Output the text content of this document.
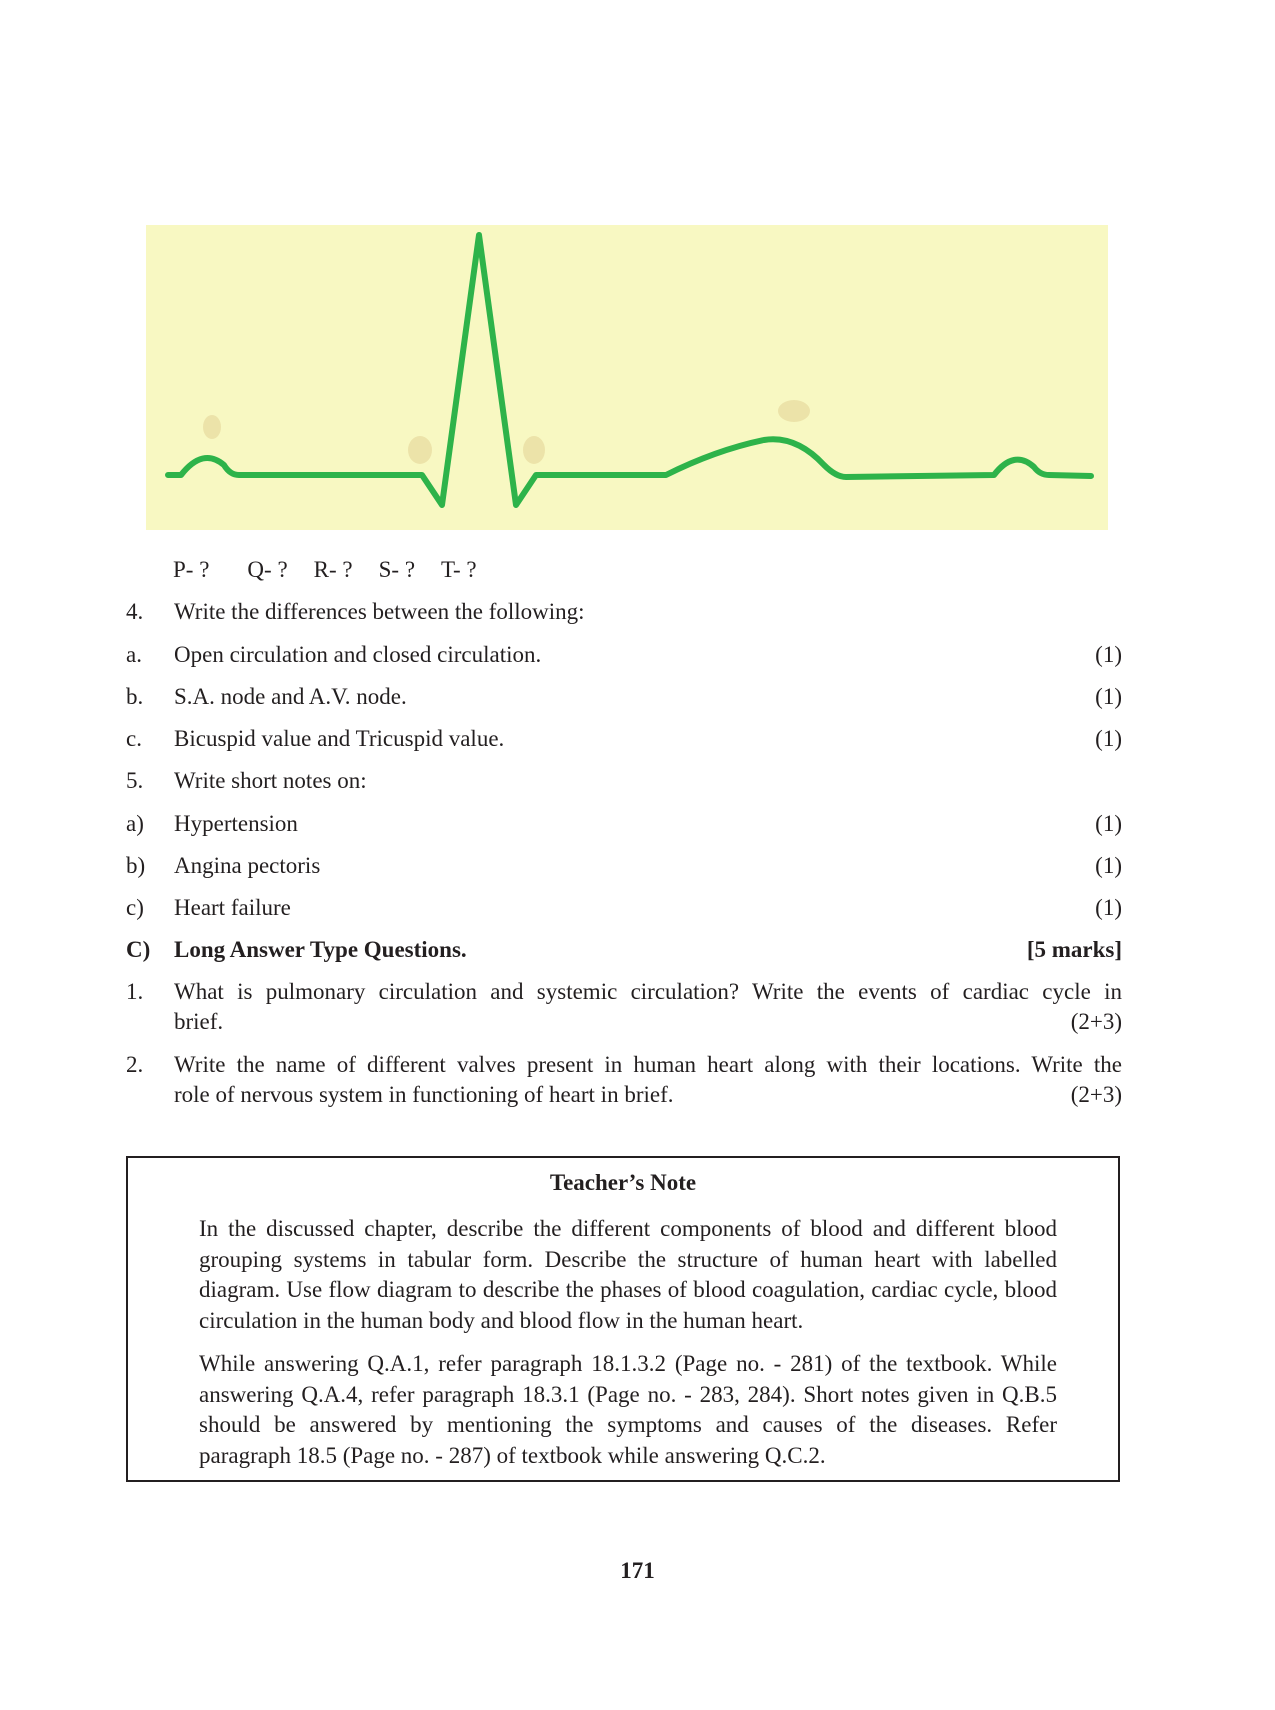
P- ? Q- ? R- ? S- ? T- ?
4. Write the differences between the following:
a. Open circulation and closed circulation.	(1)
b. S.A. node and A.V. node.	(1)
c. Bicuspid value and Tricuspid value.	(1)
5. Write short notes on:
a) Hypertension	(1)
b) Angina pectoris	(1)
c) Heart failure	(1)
C) Long Answer Type Questions.	[5 marks]
1. What is pulmonary circulation and systemic circulation? Write the events of cardiac cycle in
brief.	(2+3)
2. Write the name of different valves present in human heart along with their locations. Write the
role of nervous system in functioning of heart in brief.	(2+3)
Teacher’s Note

In the discussed chapter, describe the different components of blood and different blood grouping systems in tabular form. Describe the structure of human heart with labelled diagram. Use flow diagram to describe the phases of blood coagulation, cardiac cycle, blood circulation in the human body and blood flow in the human heart.

While answering Q.A.1, refer paragraph 18.1.3.2 (Page no. - 281) of the textbook. While answering Q.A.4, refer paragraph 18.3.1 (Page no. - 283, 284). Short notes given in Q.B.5 should be answered by mentioning the symptoms and causes of the diseases. Refer paragraph 18.5 (Page no. - 287) of textbook while answering Q.C.2.

171
